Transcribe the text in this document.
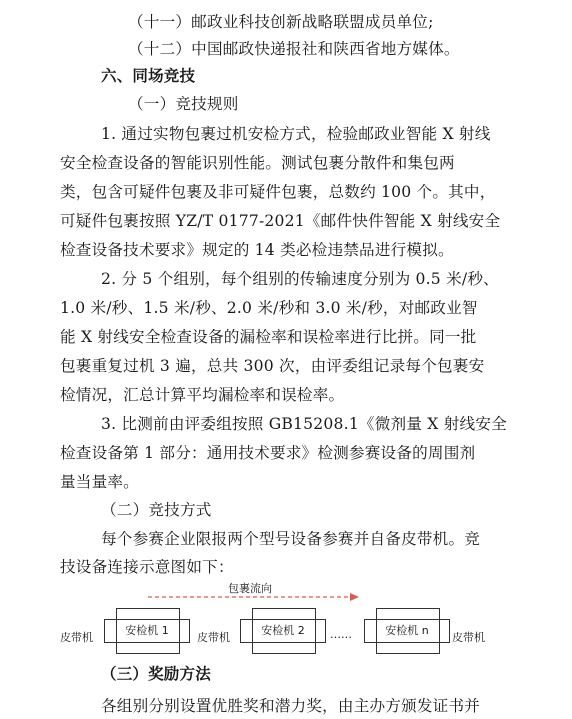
（十一）邮政业科技创新战略联盟成员单位;
（十二）中国邮政快递报社和陕西省地方媒体。
六、同场竞技
（一）竞技规则
1. 通过实物包裹过机安检方式，检验邮政业智能 X 射线
安全检查设备的智能识别性能。测试包裹分散件和集包两
类，包含可疑件包裹及非可疑件包裹，总数约 100 个。其中，
可疑件包裹按照 YZ/T 0177-2021《邮件快件智能 X 射线安全
检查设备技术要求》规定的 14 类必检违禁品进行模拟。
2. 分 5 个组别，每个组别的传输速度分别为 0.5 米/秒、
1.0 米/秒、1.5 米/秒、2.0 米/秒和 3.0 米/秒，对邮政业智
能 X 射线安全检查设备的漏检率和误检率进行比拼。同一批
包裹重复过机 3 遍，总共 300 次，由评委组记录每个包裹安
检情况，汇总计算平均漏检率和误检率。
3. 比测前由评委组按照 GB15208.1《微剂量 X 射线安全
检查设备第 1 部分：通用技术要求》检测参赛设备的周围剂
量当量率。
（二）竞技方式
每个参赛企业限报两个型号设备参赛并自备皮带机。竞
技设备连接示意图如下：
包裹流向
皮带机
安检机 1
皮带机
安检机 2	……	安检机 n
皮带机
（三）奖励方法
各组别分别设置优胜奖和潜力奖，由主办方颁发证书并
